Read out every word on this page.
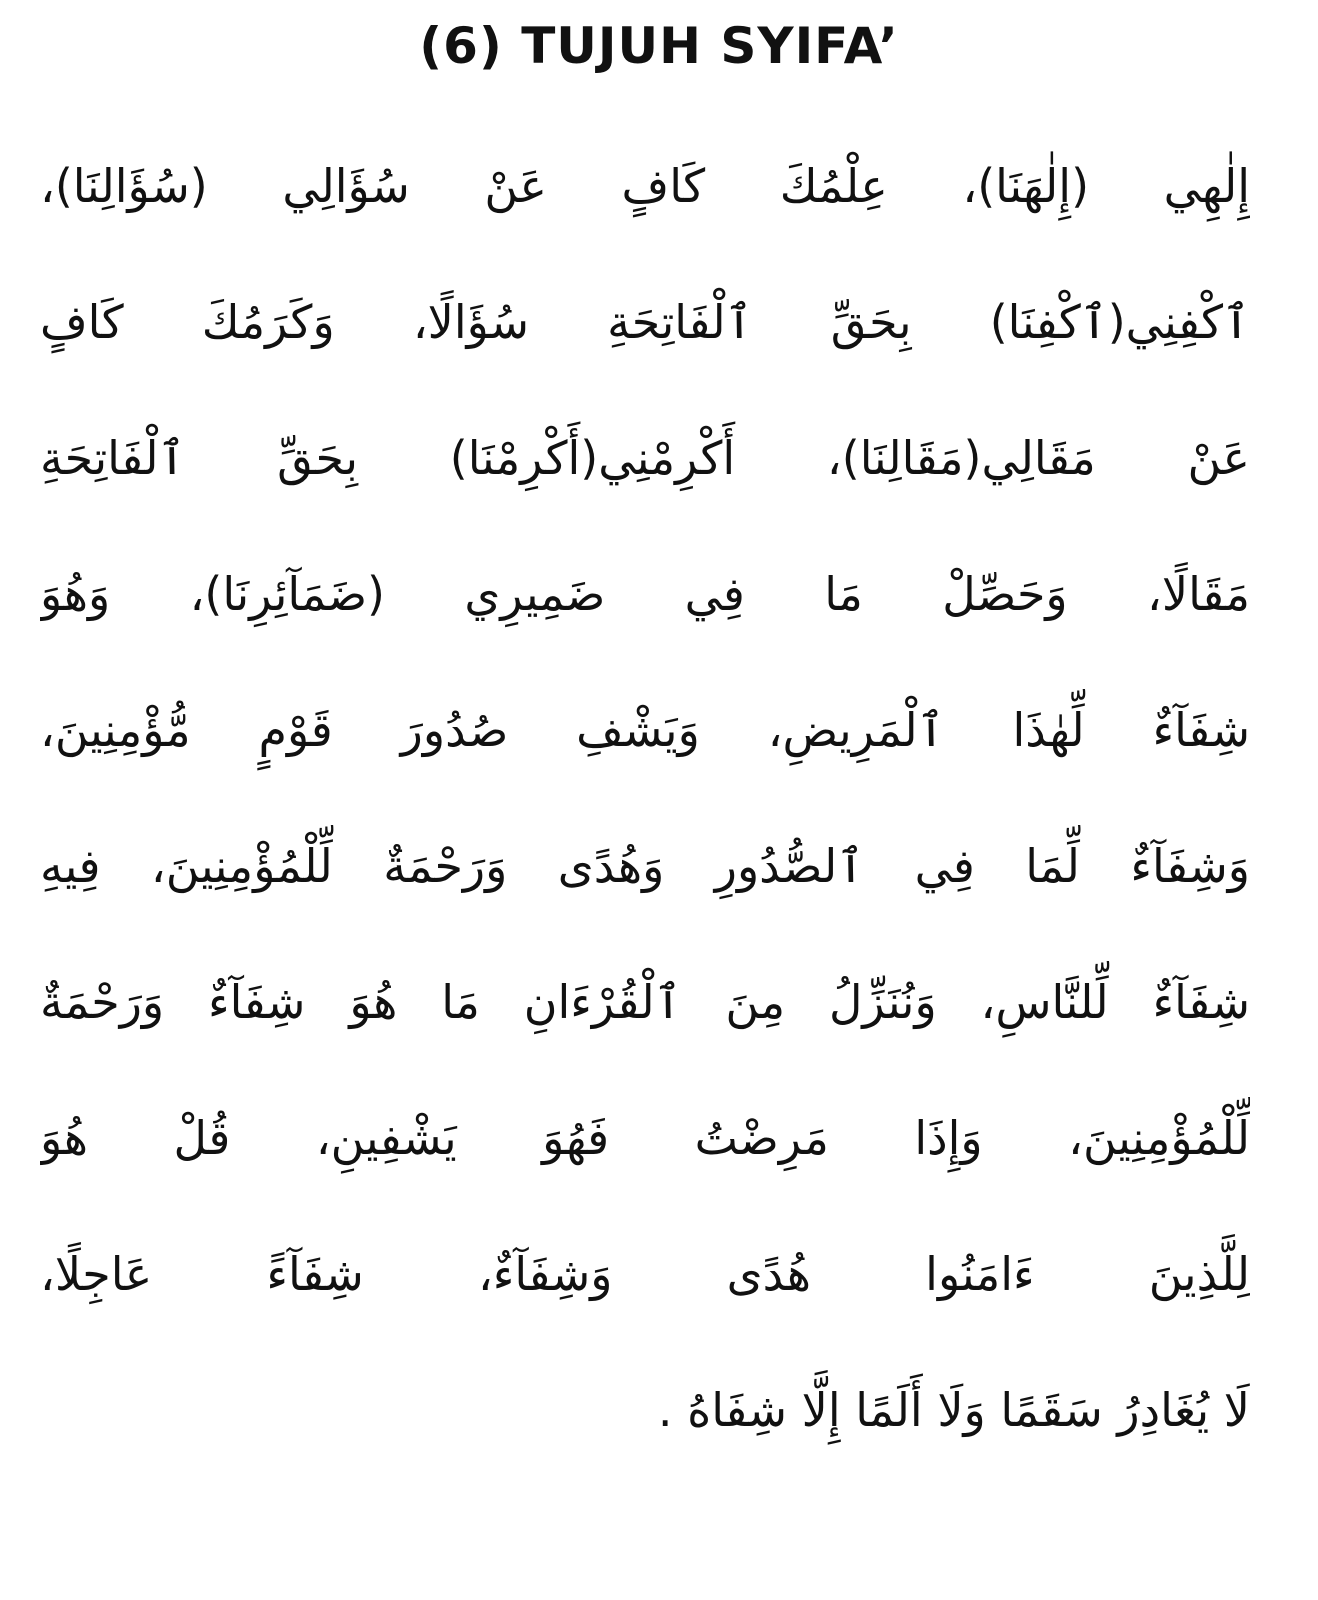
(6) TUJUH SYIFA’
إِلٰهِي (إِلٰهَنَا)، عِلْمُكَ كَافٍ عَنْ سُؤَالِي (سُؤَالِنَا)،
ٱكْفِنِي(ٱكْفِنَا) بِحَقِّ ٱلْفَاتِحَةِ سُؤَالًا، وَكَرَمُكَ كَافٍ
عَنْ مَقَالِي(مَقَالِنَا)، أَكْرِمْنِي(أَكْرِمْنَا) بِحَقِّ ٱلْفَاتِحَةِ
مَقَالًا، وَحَصِّلْ مَا فِي ضَمِيرِي (ضَمَآئِرِنَا)، وَهُوَ
شِفَآءٌ لِّهٰذَا ٱلْمَرِيضِ، وَيَشْفِ صُدُورَ قَوْمٍ مُّؤْمِنِينَ،
وَشِفَآءٌ لِّمَا فِي ٱلصُّدُورِ وَهُدًى وَرَحْمَةٌ لِّلْمُؤْمِنِينَ، فِيهِ
شِفَآءٌ لِّلنَّاسِ، وَنُنَزِّلُ مِنَ ٱلْقُرْءَانِ مَا هُوَ شِفَآءٌ وَرَحْمَةٌ
لِّلْمُؤْمِنِينَ، وَإِذَا مَرِضْتُ فَهُوَ يَشْفِينِ، قُلْ هُوَ
لِلَّذِينَ ءَامَنُوا هُدًى وَشِفَآءٌ، شِفَآءً عَاجِلًا،
لَا يُغَادِرُ سَقَمًا وَلَا أَلَمًا إِلَّا شِفَاهُ .
